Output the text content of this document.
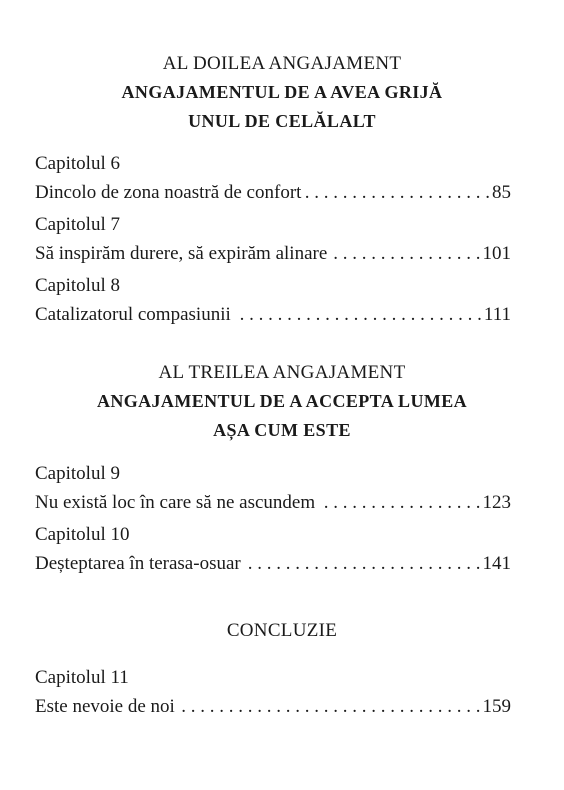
AL DOILEA ANGAJAMENT
ANGAJAMENTUL DE A AVEA GRIJĂ
UNUL DE CELĂLALT
Capitolul 6
Dincolo de zona noastră de confort . . .	85
Capitolul 7
Să inspirăm durere, să expirăm alinare . . .	101
Capitolul 8
Catalizatorul compasiunii . . .	111
AL TREILEA ANGAJAMENT
ANGAJAMENTUL DE A ACCEPTA LUMEA
AȘA CUM ESTE
Capitolul 9
Nu există loc în care să ne ascundem . . .	123
Capitolul 10
Deșteptarea în terasa-osuar . . .	141
CONCLUZIE
Capitolul 11
Este nevoie de noi . . .	159
